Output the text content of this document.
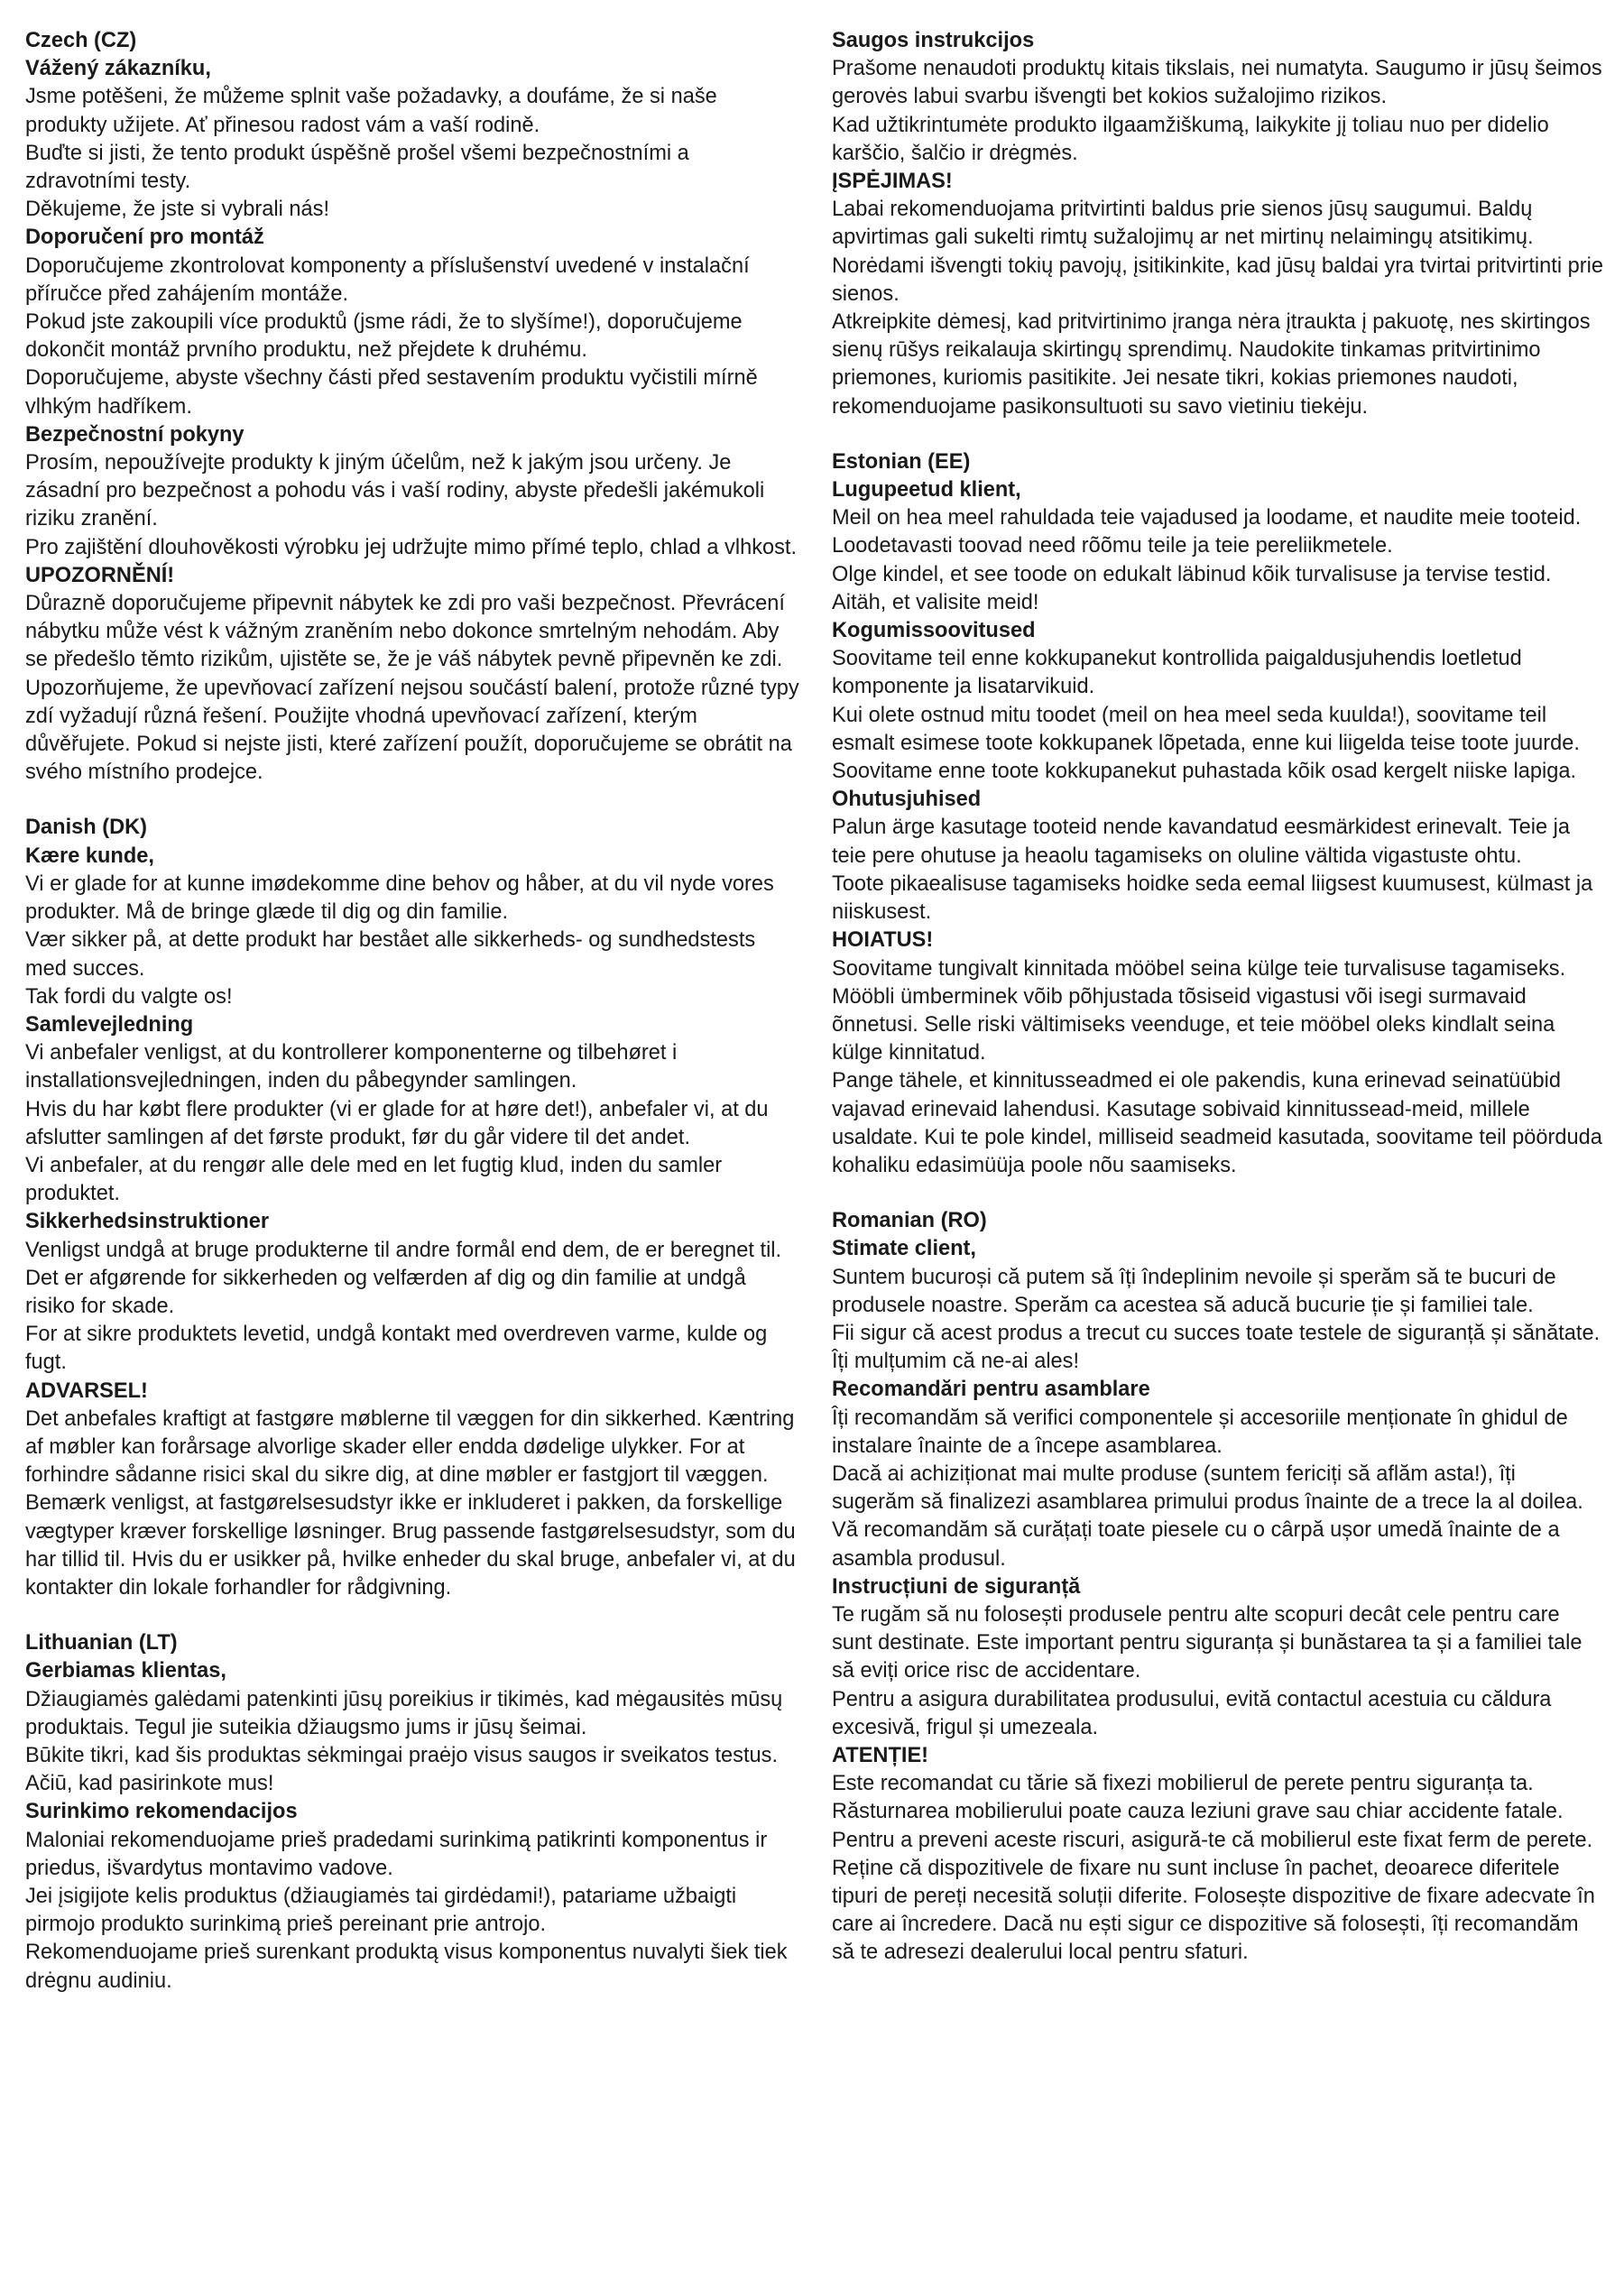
Czech (CZ)
Vážený zákazníku,
Jsme potěšeni, že můžeme splnit vaše požadavky, a doufáme, že si naše produkty užijete. Ať přinesou radost vám a vaší rodině.
Buďte si jisti, že tento produkt úspěšně prošel všemi bezpečnostními a zdravotními testy.
Děkujeme, že jste si vybrali nás!
Doporučení pro montáž
Doporučujeme zkontrolovat komponenty a příslušenství uvedené v instalační příručce před zahájením montáže.
Pokud jste zakoupili více produktů (jsme rádi, že to slyšíme!), doporučujeme dokončit montáž prvního produktu, než přejdete k druhému.
Doporučujeme, abyste všechny části před sestavením produktu vyčistili mírně vlhkým hadříkem.
Bezpečnostní pokyny
Prosím, nepoužívejte produkty k jiným účelům, než k jakým jsou určeny. Je zásadní pro bezpečnost a pohodu vás i vaší rodiny, abyste předešli jakémukoli riziku zranění.
Pro zajištění dlouhověkosti výrobku jej udržujte mimo přímé teplo, chlad a vlhkost.
UPOZORNĚNÍ!
Důrazně doporučujeme připevnit nábytek ke zdi pro vaši bezpečnost. Převrácení nábytku může vést k vážným zraněním nebo dokonce smrtelným nehodám. Aby se předešlo těmto rizikům, ujistěte se, že je váš nábytek pevně připevněn ke zdi.
Upozorňujeme, že upevňovací zařízení nejsou součástí balení, protože různé typy zdí vyžadují různá řešení. Použijte vhodná upevňovací zařízení, kterým důvěřujete. Pokud si nejste jisti, které zařízení použít, doporučujeme se obrátit na svého místního prodejce.
Danish (DK)
Kære kunde,
Vi er glade for at kunne imødekomme dine behov og håber, at du vil nyde vores produkter. Må de bringe glæde til dig og din familie.
Vær sikker på, at dette produkt har bestået alle sikkerheds- og sundhedstests med succes.
Tak fordi du valgte os!
Samlevejledning
Vi anbefaler venligst, at du kontrollerer komponenterne og tilbehøret i installationsvejledningen, inden du påbegynder samlingen.
Hvis du har købt flere produkter (vi er glade for at høre det!), anbefaler vi, at du afslutter samlingen af det første produkt, før du går videre til det andet.
Vi anbefaler, at du rengør alle dele med en let fugtig klud, inden du samler produktet.
Sikkerhedsinstruktioner
Venligst undgå at bruge produkterne til andre formål end dem, de er beregnet til.
Det er afgørende for sikkerheden og velfærden af dig og din familie at undgå risiko for skade.
For at sikre produktets levetid, undgå kontakt med overdreven varme, kulde og fugt.
ADVARSEL!
Det anbefales kraftigt at fastgøre møblerne til væggen for din sikkerhed. Kæntring af møbler kan forårsage alvorlige skader eller endda dødelige ulykker. For at forhindre sådanne risici skal du sikre dig, at dine møbler er fastgjort til væggen.
Bemærk venligst, at fastgørelsesudstyr ikke er inkluderet i pakken, da forskellige vægtyper kræver forskellige løsninger. Brug passende fastgørelsesudstyr, som du har tillid til. Hvis du er usikker på, hvilke enheder du skal bruge, anbefaler vi, at du kontakter din lokale forhandler for rådgivning.
Lithuanian (LT)
Gerbiamas klientas,
Džiaugiamės galėdami patenkinti jūsų poreikius ir tikimės, kad mėgausitės mūsų produktais. Tegul jie suteikia džiaugsmo jums ir jūsų šeimai.
Būkite tikri, kad šis produktas sėkmingai praėjo visus saugos ir sveikatos testus.
Ačiū, kad pasirinkote mus!
Surinkimo rekomendacijos
Maloniai rekomenduojame prieš pradedami surinkimą patikrinti komponentus ir priedus, išvardytus montavimo vadove.
Jei įsigijote kelis produktus (džiaugiamės tai girdėdami!), patariame užbaigti pirmojo produkto surinkimą prieš pereinant prie antrojo.
Rekomenduojame prieš surenkant produktą visus komponentus nuvalyti šiek tiek drėgnu audiniu.
Saugos instrukcijos
Prašome nenaudoti produktų kitais tikslais, nei numatyta. Saugumo ir jūsų šeimos gerovės labui svarbu išvengti bet kokios sužalojimo rizikos.
Kad užtikrintumėte produkto ilgaamžiškumą, laikykite jį toliau nuo per didelio karščio, šalčio ir drėgmės.
ĮSPĖJIMAS!
Labai rekomenduojama pritvirtinti baldus prie sienos jūsų saugumui. Baldų apvirtimas gali sukelti rimtų sužalojimų ar net mirtinų nelaimingų atsitikimų. Norėdami išvengti tokių pavojų, įsitikinkite, kad jūsų baldai yra tvirtai pritvirtinti prie sienos.
Atkreipkite dėmesį, kad pritvirtinimo įranga nėra įtraukta į pakuotę, nes skirtingos sienų rūšys reikalauja skirtingų sprendimų. Naudokite tinkamas pritvirtinimo priemones, kuriomis pasitikite. Jei nesate tikri, kokias priemones naudoti, rekomenduojame pasikonsultuoti su savo vietiniu tiekėju.
Estonian (EE)
Lugupeetud klient,
Meil on hea meel rahuldada teie vajadused ja loodame, et naudite meie tooteid. Loodetavasti toovad need rõõmu teile ja teie pereliikmetele.
Olge kindel, et see toode on edukalt läbinud kõik turvalisuse ja tervise testid.
Aitäh, et valisite meid!
Kogumissoovitused
Soovitame teil enne kokkupanekut kontrollida paigaldusjuhendis loetletud komponente ja lisatarvikuid.
Kui olete ostnud mitu toodet (meil on hea meel seda kuulda!), soovitame teil esmalt esimese toote kokkupanek lõpetada, enne kui liigelda teise toote juurde.
Soovitame enne toote kokkupanekut puhastada kõik osad kergelt niiske lapiga.
Ohutusjuhised
Palun ärge kasutage tooteid nende kavandatud eesmärkidest erinevalt. Teie ja teie pere ohutuse ja heaolu tagamiseks on oluline vältida vigastuste ohtu.
Toote pikaealisuse tagamiseks hoidke seda eemal liigsest kuumusest, külmast ja niiskusest.
HOIATUS!
Soovitame tungivalt kinnitada mööbel seina külge teie turvalisuse tagamiseks. Mööbli ümberminek võib põhjustada tõsiseid vigastusi või isegi surmavaid õnnetusi. Selle riski vältimiseks veenduge, et teie mööbel oleks kindlalt seina külge kinnitatud.
Pange tähele, et kinnitusseadmed ei ole pakendis, kuna erinevad seinatüübid vajavad erinevaid lahendusi. Kasutage sobivaid kinnitussead-meid, millele usaldate. Kui te pole kindel, milliseid seadmeid kasutada, soovitame teil pöörduda kohaliku edasimüüja poole nõu saamiseks.
Romanian (RO)
Stimate client,
Suntem bucuroși că putem să îți îndeplinim nevoile și sperăm să te bucuri de produsele noastre. Sperăm ca acestea să aducă bucurie ție și familiei tale.
Fii sigur că acest produs a trecut cu succes toate testele de siguranță și sănătate.
Îți mulțumim că ne-ai ales!
Recomandări pentru asamblare
Îți recomandăm să verifici componentele și accesoriile menționate în ghidul de instalare înainte de a începe asamblarea.
Dacă ai achiziționat mai multe produse (suntem fericiți să aflăm asta!), îți sugerăm să finalizezi asamblarea primului produs înainte de a trece la al doilea.
Vă recomandăm să curățați toate piesele cu o cârpă ușor umedă înainte de a asambla produsul.
Instrucțiuni de siguranță
Te rugăm să nu folosești produsele pentru alte scopuri decât cele pentru care sunt destinate. Este important pentru siguranța și bunăstarea ta și a familiei tale să eviți orice risc de accidentare.
Pentru a asigura durabilitatea produsului, evită contactul acestuia cu căldura excesivă, frigul și umezeala.
ATENȚIE!
Este recomandat cu tărie să fixezi mobilierul de perete pentru siguranța ta. Răsturnarea mobilierului poate cauza leziuni grave sau chiar accidente fatale. Pentru a preveni aceste riscuri, asigură-te că mobilierul este fixat ferm de perete.
Reține că dispozitivele de fixare nu sunt incluse în pachet, deoarece diferitele tipuri de pereți necesită soluții diferite. Folosește dispozitive de fixare adecvate în care ai încredere. Dacă nu ești sigur ce dispozitive să folosești, îți recomandăm să te adresezi dealerului local pentru sfaturi.
